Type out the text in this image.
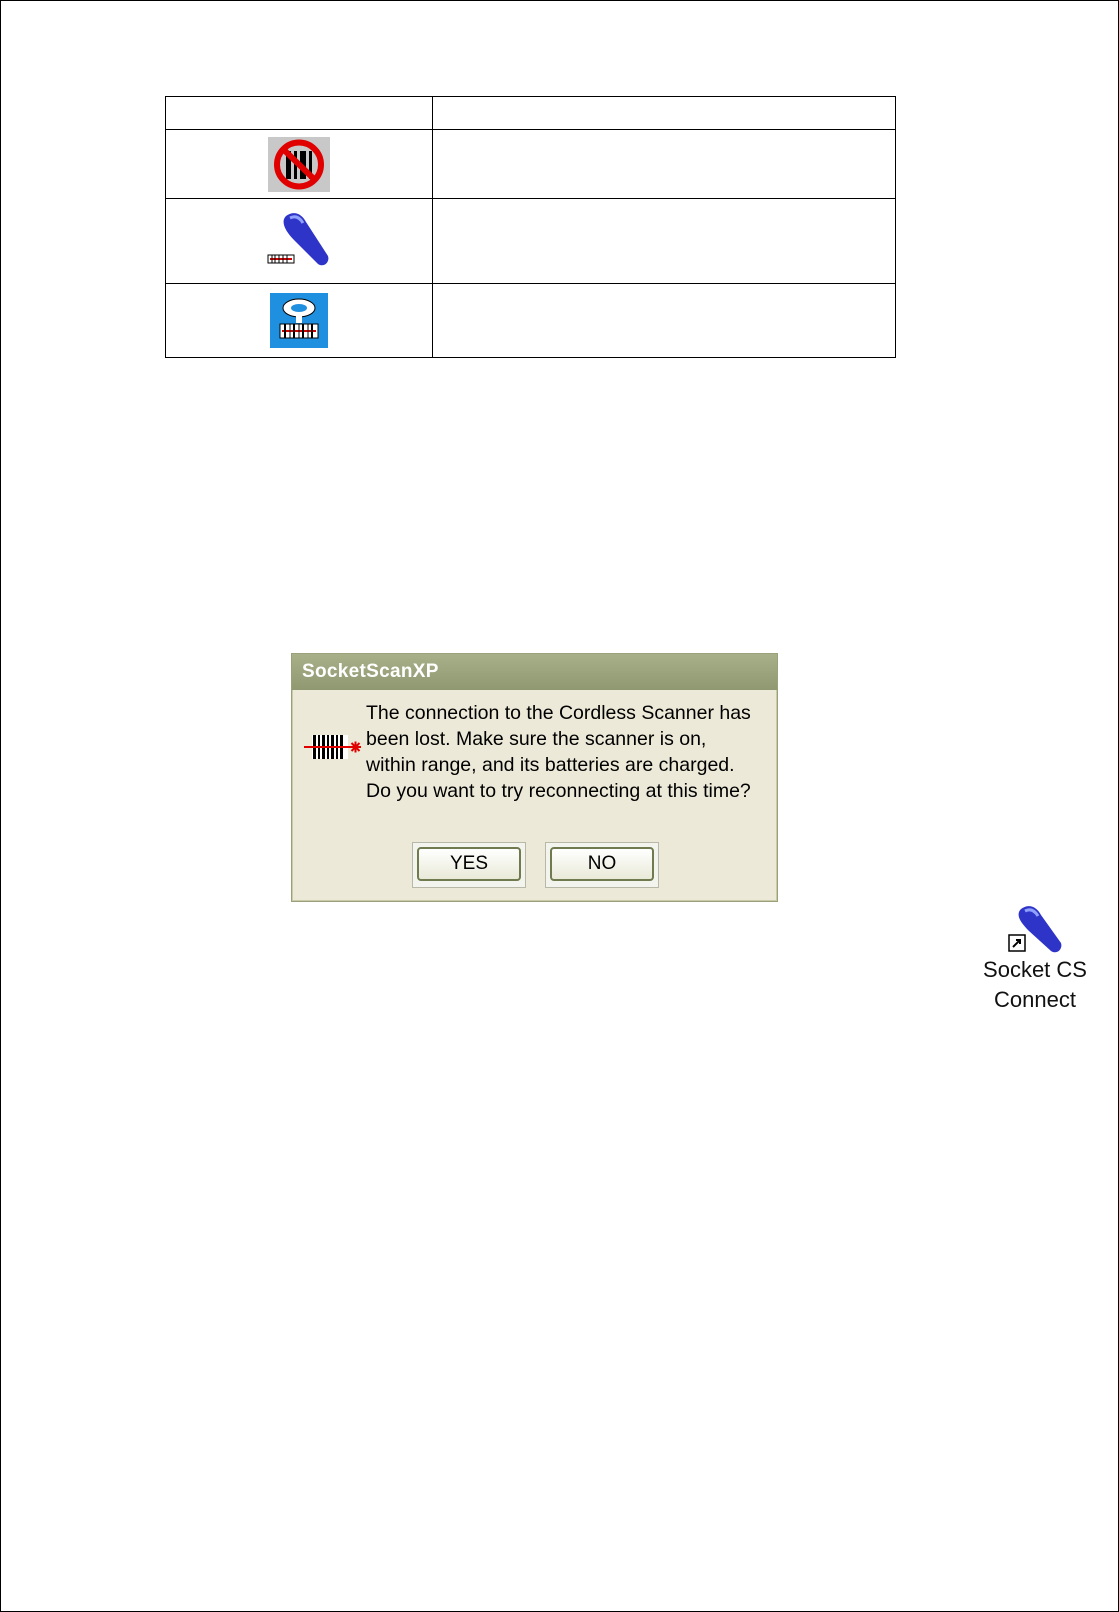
SocketScanXP
The connection to the Cordless Scanner has
been lost. Make sure the scanner is on,
within range, and its batteries are charged.
Do you want to try reconnecting at this time?
YES	NO
Socket CS
Connect
